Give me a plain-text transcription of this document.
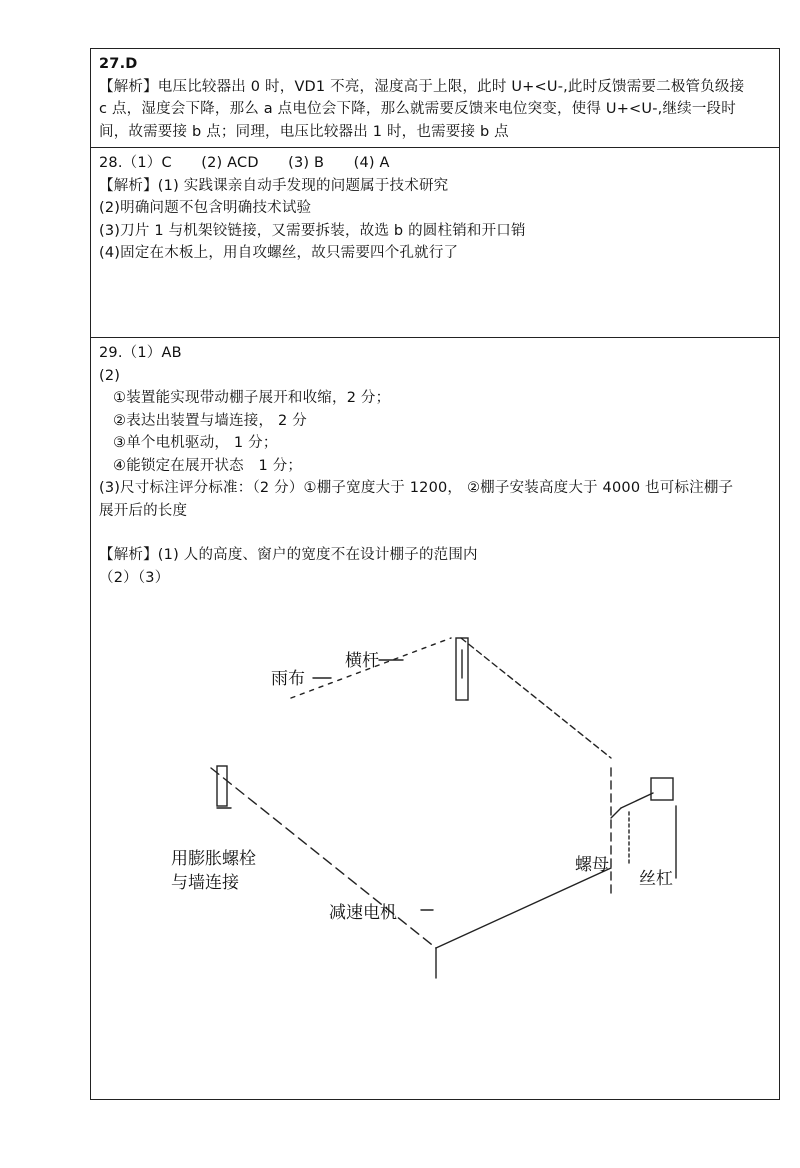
27.D
【解析】电压比较器出 0 时，VD1 不亮，湿度高于上限，此时 U+<U-,此时反馈需要二极管负级接
c 点，湿度会下降，那么 a 点电位会下降，那么就需要反馈来电位突变，使得 U+<U-,继续一段时
间，故需要接 b 点；同理，电压比较器出 1 时，也需要接 b 点
28.（1）C　　(2) ACD　　(3) B　　(4) A
【解析】(1) 实践课亲自动手发现的问题属于技术研究
(2)明确问题不包含明确技术试验
(3)刀片 1 与机架铰链接，又需要拆装，故选 b 的圆柱销和开口销
(4)固定在木板上，用自攻螺丝，故只需要四个孔就行了
29.（1）AB
(2)
①装置能实现带动棚子展开和收缩，2 分；
②表达出装置与墙连接， 2 分
③单个电机驱动， 1 分；
④能锁定在展开状态　1 分；
(3)尺寸标注评分标准：（2 分）①棚子宽度大于 1200， ②棚子安装高度大于 4000 也可标注棚子
展开后的长度
【解析】(1) 人的高度、窗户的宽度不在设计棚子的范围内
（2）（3）
横杆
雨布
用膨胀螺栓
与墙连接
螺母
丝杠
减速电机
